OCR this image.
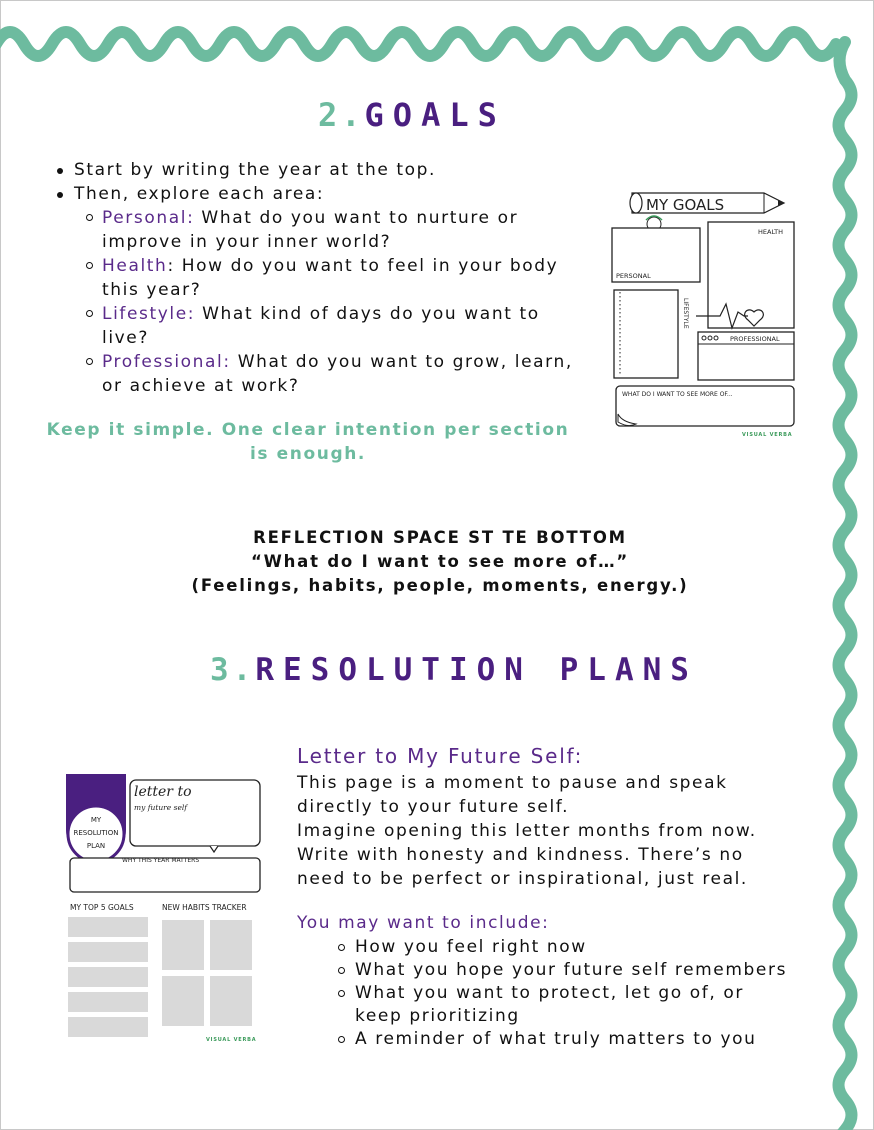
2.GOALS
Start by writing the year at the top.
Then, explore each area:
Personal: What do you want to nurture or improve in your inner world?
Health: How do you want to feel in your body this year?
Lifestyle: What kind of days do you want to live?
Professional: What do you want to grow, learn, or achieve at work?

Keep it simple. One clear intention per section is enough.

MY GOALS
PERSONAL
HEALTH
LIFESTYLE
PROFESSIONAL
WHAT DO I WANT TO SEE MORE OF...
VISUAL VERBA

REFLECTION SPACE ST TE BOTTOM

“What do I want to see more of…”

(Feelings, habits, people, moments, energy.)

3.RESOLUTION PLANS
MY
RESOLUTION
PLAN
letter to
my future self
WHY THIS YEAR MATTERS
MY TOP 5 GOALS	NEW HABITS TRACKER
VISUAL VERBA
Letter to My Future Self:
This page is a moment to pause and speak
directly to your future self.
Imagine opening this letter months from now.
Write with honesty and kindness. There’s no
need to be perfect or inspirational, just real.

You may want to include:

How you feel right now
What you hope your future self remembers
What you want to protect, let go of, or keep prioritizing
A reminder of what truly matters to you
